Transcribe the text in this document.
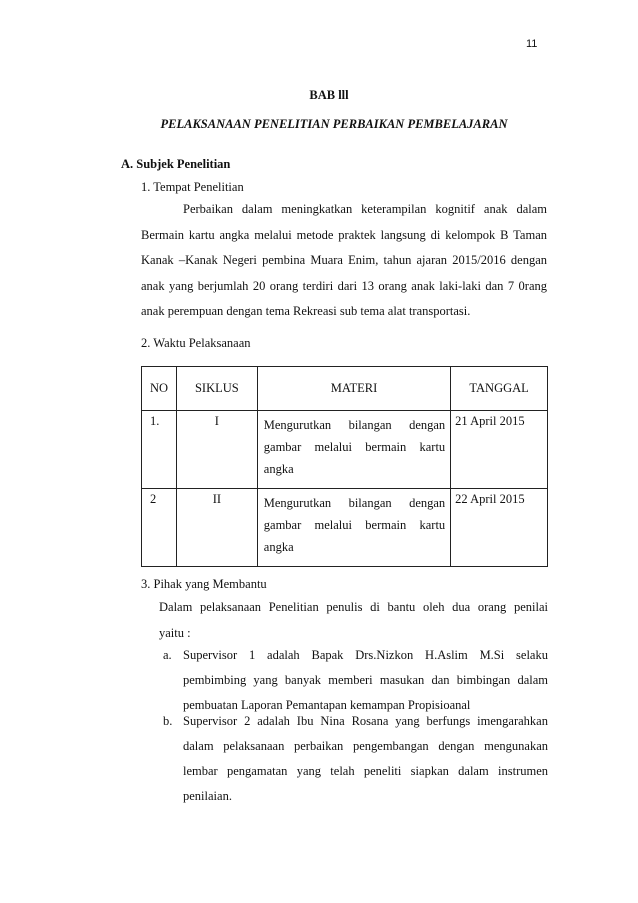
11
BAB lll
PELAKSANAAN PENELITIAN PERBAIKAN PEMBELAJARAN
A. Subjek Penelitian
1. Tempat Penelitian
Perbaikan dalam meningkatkan keterampilan kognitif anak dalam
Bermain kartu angka melalui metode praktek langsung di kelompok B Taman
Kanak –Kanak Negeri pembina Muara Enim, tahun ajaran 2015/2016 dengan
anak yang berjumlah 20 orang terdiri dari 13 orang anak laki-laki dan 7 0rang
anak perempuan dengan tema Rekreasi sub tema alat transportasi.
2. Waktu Pelaksanaan
NO	SIKLUS	MATERI	TANGGAL
1.	I	Mengurutkan bilangan dengan
gambar melalui bermain kartu
angka	21 April 2015
2	II	Mengurutkan bilangan dengan
gambar melalui bermain kartu
angka	22 April 2015
3. Pihak yang Membantu
Dalam pelaksanaan Penelitian penulis di bantu oleh dua orang penilai
yaitu :
a. Supervisor 1 adalah Bapak Drs.Nizkon H.Aslim M.Si selaku
pembimbing yang banyak memberi masukan dan bimbingan dalam
pembuatan Laporan Pemantapan kemampan Propisioanal
b. Supervisor 2 adalah Ibu Nina Rosana yang berfungs imengarahkan
dalam pelaksanaan perbaikan pengembangan dengan mengunakan
lembar pengamatan yang telah peneliti siapkan dalam instrumen
penilaian.
